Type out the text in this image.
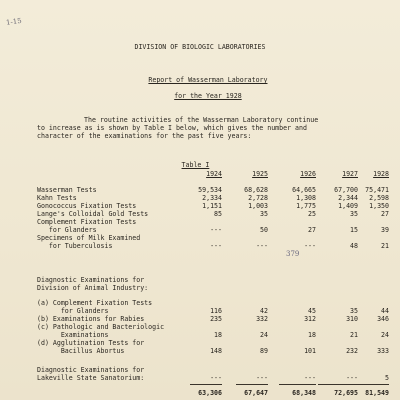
1-15
DIVISION OF BIOLOGIC LABORATORIES

Report of Wasserman Laboratory

for the Year 1928

The routine activities of the Wasserman Laboratory continue
to increase as is shown by Table I below, which gives the number and
character of the examinations for the past five years:

Table I

1924	1925	1926	1927	1928
Wasserman Tests	59,534	68,628	64,665	67,700	75,471
Kahn Tests	2,334	2,728	1,308	2,344	2,598
Gonococcus Fixation Tests	1,151	1,003	1,775	1,409	1,350
Lange's Colloidal Gold Tests	85	35	25	35	27
Complement Fixation Tests
for Glanders	---	50	27	15	39
Specimens of Milk Examined
for Tuberculosis	---	---	---	48	21
379
Diagnostic Examinations for
Division of Animal Industry:
(a) Complement Fixation Tests
for Glanders	116	42	45	35	44
(b) Examinations for Rabies	235	332	312	310	346
(c) Pathologic and Bacteriologic
Examinations	18	24	18	21	24
(d) Agglutination Tests for
Bacillus Abortus	148	89	101	232	333
Diagnostic Examinations for
Lakeville State Sanatorium:	---	---	---	---	5
63,306	67,647	68,348	72,695	81,549
